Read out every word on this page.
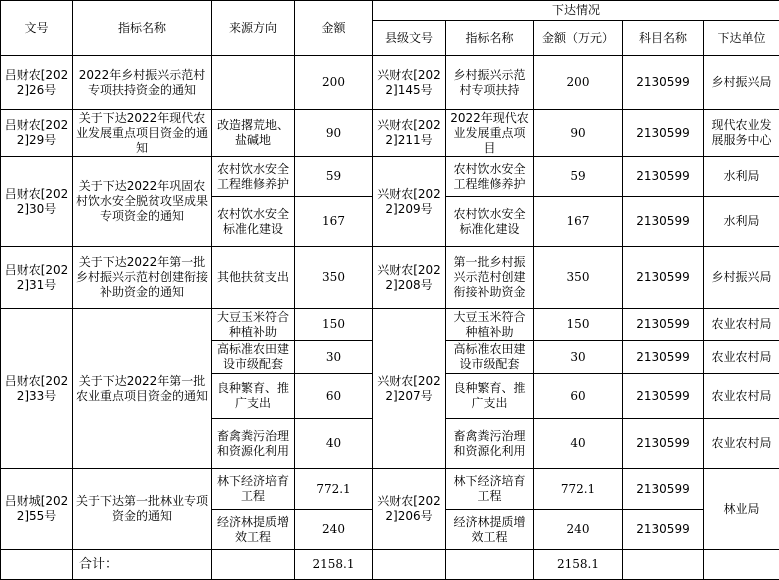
文号	指标名称	来源方向	金额	下达情况				
				县级文号	指标名称	金额（万元）	科目名称	下达单位
吕财农[2022]26号	2022年乡村振兴示范村专项扶持资金的通知		200	兴财农[2022]145号	乡村振兴示范村专项扶持	200	2130599	乡村振兴局
吕财农[2022]29号	关于下达2022年现代农业发展重点项目资金的通知	改造撂荒地、盐碱地	90	兴财农[2022]211号	2022年现代农业发展重点项目	90	2130599	现代农业发展服务中心
吕财农[2022]30号	关于下达2022年巩固农村饮水安全脱贫攻坚成果专项资金的通知	农村饮水安全工程维修养护	59	兴财农[2022]209号	农村饮水安全工程维修养护	59	2130599	水利局
		农村饮水安全标准化建设	167		农村饮水安全标准化建设	167	2130599	水利局
吕财农[2022]31号	关于下达2022年第一批乡村振兴示范村创建衔接补助资金的通知	其他扶贫支出	350	兴财农[2022]208号	第一批乡村振兴示范村创建衔接补助资金	350	2130599	乡村振兴局
吕财农[2022]33号	关于下达2022年第一批农业重点项目资金的通知	大豆玉米符合种植补助	150	兴财农[2022]207号	大豆玉米符合种植补助	150	2130599	农业农村局
		高标准农田建设市级配套	30		高标准农田建设市级配套	30	2130599	农业农村局
		良种繁育、推广支出	60		良种繁育、推广支出	60	2130599	农业农村局
		畜禽粪污治理和资源化利用	40		畜禽粪污治理和资源化利用	40	2130599	农业农村局
吕财城[2022]55号	关于下达第一批林业专项资金的通知	林下经济培育工程	772.1	兴财农[2022]206号	林下经济培育工程	772.1	2130599	林业局
		经济林提质增效工程	240		经济林提质增效工程	240	2130599	
	合计：		2158.1			2158.1		
